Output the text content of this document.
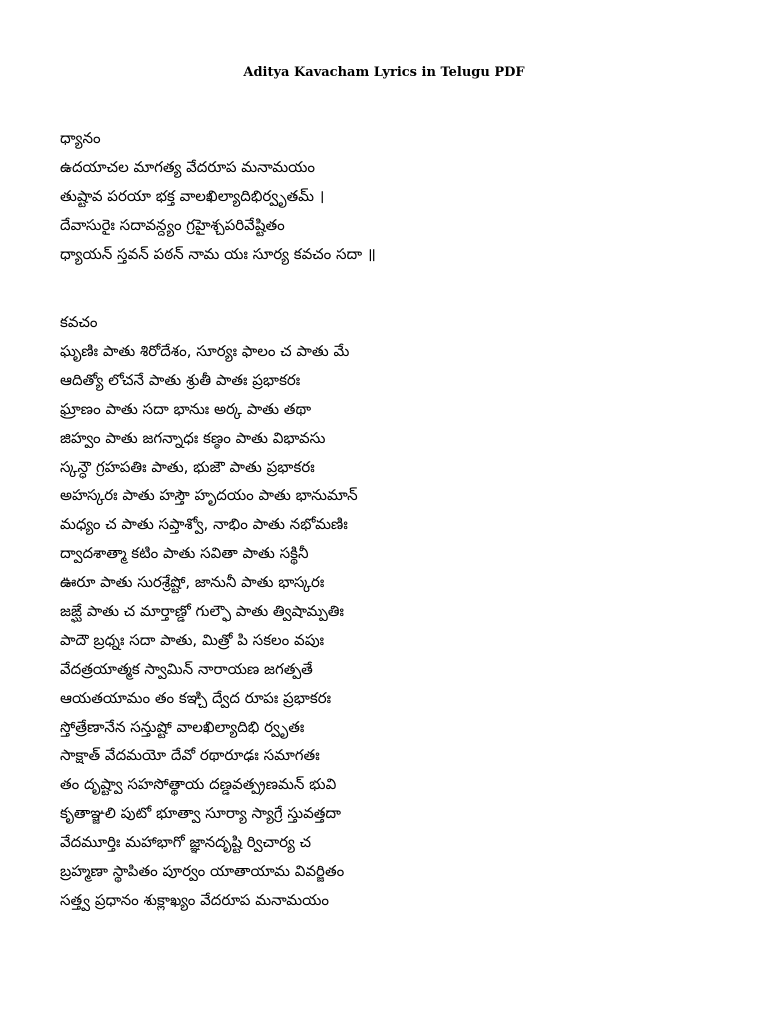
Aditya Kavacham Lyrics in Telugu PDF
ధ్యానం
ఉదయాచల మాగత్య వేదరూప మనామయం
తుష్టావ పరయా భక్త వాలఖిల్యాదిభిర్వృతమ్ ।
దేవాసురైః సదావన్ద్యం గ్రహైశ్చపరివేష్టితం
ధ్యాయన్ స్తవన్ పఠన్ నామ యః సూర్య కవచం సదా ॥
కవచం
ఘృణిః పాతు శిరోదేశం, సూర్యః ఫాలం చ పాతు మే
ఆదిత్యో లోచనే పాతు శ్రుతీ పాతః ప్రభాకరః
ఘ్రాణం పాతు సదా భానుః అర్క పాతు తథా
జిహ్వం పాతు జగన్నాధః కణ్ఠం పాతు విభావసు
స్కన్ధౌ గ్రహపతిః పాతు, భుజౌ పాతు ప్రభాకరః
అహస్కరః పాతు హస్తౌ హృదయం పాతు భానుమాన్
మధ్యం చ పాతు సప్తాశ్వో, నాభిం పాతు నభోమణిః
ద్వాదశాత్మా కటిం పాతు సవితా పాతు సక్థినీ
ఊరూ పాతు సురశ్రేష్టో, జానునీ పాతు భాస్కరః
జఙ్ఘే పాతు చ మార్తాణ్డో గుల్ఫౌ పాతు త్విషామ్పతిః
పాదౌ బ్రధ్నః సదా పాతు, మిత్రో పి సకలం వపుః
వేదత్రయాత్మక స్వామిన్ నారాయణ జగత్పతే
ఆయతయామం తం కఞ్చి ద్వేద రూపః ప్రభాకరః
స్తోత్రేణానేన సన్తుష్టో వాలఖిల్యాదిభి ర్వృతః
సాక్షాత్ వేదమయో దేవో రథారూఢః సమాగతః
తం దృష్ట్వా సహసోత్థాయ దణ్డవత్ప్రణమన్ భువి
కృతాఞ్జలి పుటో భూత్వా సూర్యా స్యాగ్రే స్తువత్తదా
వేదమూర్తిః మహాభాగో జ్ఞానదృష్టి ర్విచార్య చ
బ్రహ్మణా స్థాపితం పూర్వం యాతాయామ వివర్జితం
సత్త్వ ప్రధానం శుక్లాఖ్యం వేదరూప మనామయం
